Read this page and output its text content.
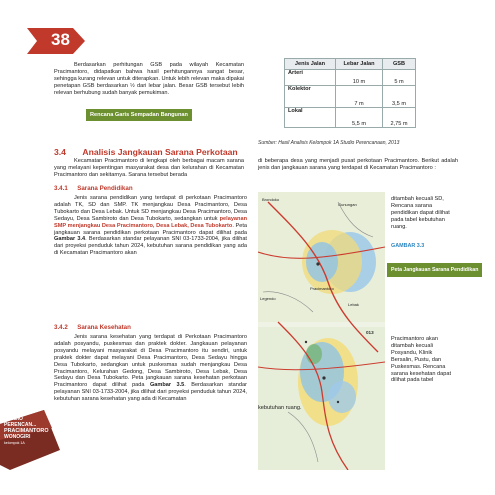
38
Berdasarkan perhitungan GSB pada wilayah Kecamatan Pracimantoro, didapatkan bahwa hasil perhitungannya sangat besar, sehingga kurang relevan untuk diterapkan. Untuk lebih relevan maka dipakai penetapan GSB berdasarkan ½ dari lebar jalan. Besar GSB tersebut lebih relevan berhubung sudah banyak pemukiman.
Rencana Garis Sempadan Bangunan
Jenis Jalan	Lebar Jalan	GSB
Arteri	10 m	5 m
Kolektor	7 m	3,5 m
Lokal	5,5 m	2,75 m
Sumber: Hasil Analisis Kelompok 1A Studio Perencanaan, 2013
3.4 Analisis Jangkauan Sarana Perkotaan
Kecamatan Pracimantoro di lengkapi oleh berbagai macam sarana yang melayani kepentingan masyarakat desa dan kelurahan di Kecamatan Pracimantoro dan sekitarnya. Sarana tersebut berada
di beberapa desa yang menjadi pusat perkotaan Pracimantoro. Berikut adalah jenis dan jangkauan sarana yang terdapat di Kecamatan Pracimantoro :
3.4.1 Sarana Pendidikan
Jenis sarana pendidikan yang terdapat di perkotaan Pracimantoro adalah TK, SD dan SMP. TK menjangkau Desa Pracimantoro, Desa Tubokarto dan Desa Lebak. Untuk SD menjangkau Desa Pracimantoro, Desa Sedayu, Desa Sambiroto dan Desa Tubokarto, sedangkan untuk pelayanan SMP menjangkau Desa Pracimantoro, Desa Lebak, Desa Tubokarto. Peta jangkauan sarana pendidikan perkotaan Pracimantoro dapat dilihat pada Gambar 3.4. Berdasarkan standar pelayanan SNI 03-1733-2004, jika dilihat dari proyeksi penduduk tahun 2024, kebutuhan sarana pendidikan yang ada di Kecamatan Pracimantoro akan
Brondoko
Gunungan
Pracimantoro
Lebak
Legendo
013
ditambah kecuali SD, Rencana sarana pendidikan dapat dilihat pada tabel kebutuhan ruang.
GAMBAR 3.3
Peta Jangkauan Sarana Pendidikan
3.4.2 Sarana Kesehatan
Jenis sarana kesehatan yang terdapat di Perkotaan Pracimantoro adalah posyandu, puskesmas dan praktek dokter. Jangkauan pelayanan posyandu melayani masyarakat di Desa Pracimantoro itu sendiri, untuk praktek dokter dapat melayani Desa Pracimantoro, Desa Sedayu hingga Desa Tubokarto, sedangkan untuk puskesmas sudah menjangkau Desa Pracimantoro, Kelurahan Gedong, Desa Sambiroto, Desa Lebak, Desa Sedayu dan Desa Tubokarto. Peta jangkauan sarana kesehatan perkotaan Pracimantoro dapat dilihat pada Gambar 3.5. Berdasarkan standar pelayanan SNI 03-1733-2004, jika dilihat dari proyeksi penduduk tahun 2024, kebutuhan sarana kesehatan yang ada di Kecamatan
Pracimantoro akan ditambah kecuali Posyandu, Klinik Bersalin, Pustu, dan Puskesmas. Rencana sarana kesehatan dapat dilihat pada tabel
kebutuhan ruang.
STUDIO
PERENCAN...
PRACIMANTORO
WONOGIRI
kelompok 1A
